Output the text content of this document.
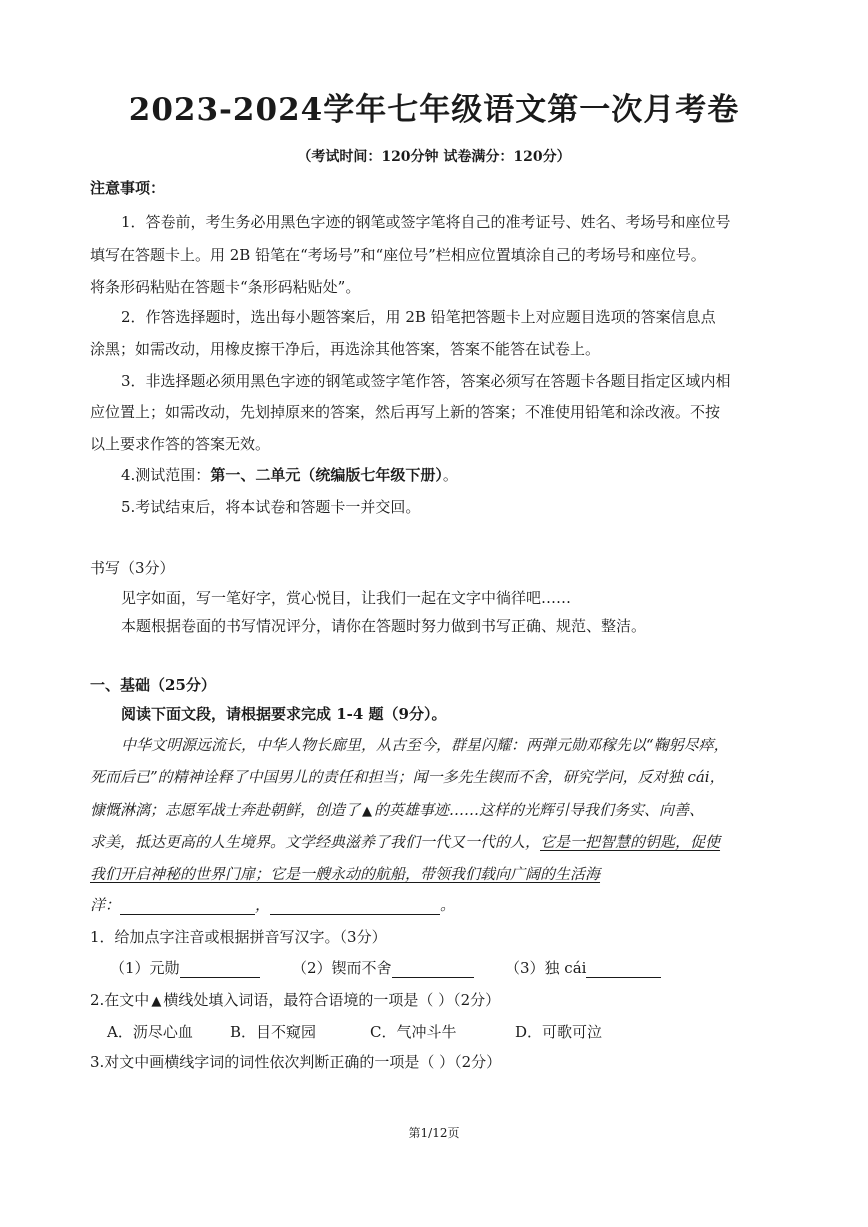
2023-2024学年七年级语文第一次月考卷
（考试时间：120分钟 试卷满分：120分）
注意事项：
1．答卷前，考生务必用黑色字迹的钢笔或签字笔将自己的准考证号、姓名、考场号和座位号
填写在答题卡上。用 2B 铅笔在“考场号”和“座位号”栏相应位置填涂自己的考场号和座位号。
将条形码粘贴在答题卡“条形码粘贴处”。
2．作答选择题时，选出每小题答案后，用 2B 铅笔把答题卡上对应题目选项的答案信息点
涂黑；如需改动，用橡皮擦干净后，再选涂其他答案，答案不能答在试卷上。
3．非选择题必须用黑色字迹的钢笔或签字笔作答，答案必须写在答题卡各题目指定区域内相
应位置上；如需改动，先划掉原来的答案，然后再写上新的答案；不准使用铅笔和涂改液。不按
以上要求作答的答案无效。
4.测试范围：第一、二单元（统编版七年级下册）。
5.考试结束后，将本试卷和答题卡一并交回。
书写（3分）
见字如面，写一笔好字，赏心悦目，让我们一起在文字中徜徉吧……
本题根据卷面的书写情况评分，请你在答题时努力做到书写正确、规范、整洁。
一、基础（25分）
阅读下面文段，请根据要求完成 1-4 题（9分）。
中华文明源远流长，中华人物长廊里，从古至今，群星闪耀：两弹元勋邓稼先以“鞠躬尽瘁，
死而后已”的精神诠释了中国男儿的责任和担当；闻一多先生锲而不舍，研究学问，反对独 cái，
慷慨淋漓；志愿军战士奔赴朝鲜，创造了 ▲ 的英雄事迹……这样的光辉引导我们务实、向善、
求美，抵达更高的人生境界。文学经典滋养了我们一代又一代的人，它是一把智慧的钥匙，促使
我们开启神秘的世界门扉；它是一艘永动的航船，带领我们载向广阔的生活海
洋：	，	。
1．给加点字注音或根据拼音写汉字。（3分）
（1）元勋	（2）锲而不舍	（3）独 cái
2.在文中 ▲ 横线处填入词语，最符合语境的一项是（ ）（2分）
A．沥尽心血 B．目不窥园	C．气冲斗牛	D．可歌可泣
3.对文中画横线字词的词性依次判断正确的一项是（ ）（2分）
第1/12页
